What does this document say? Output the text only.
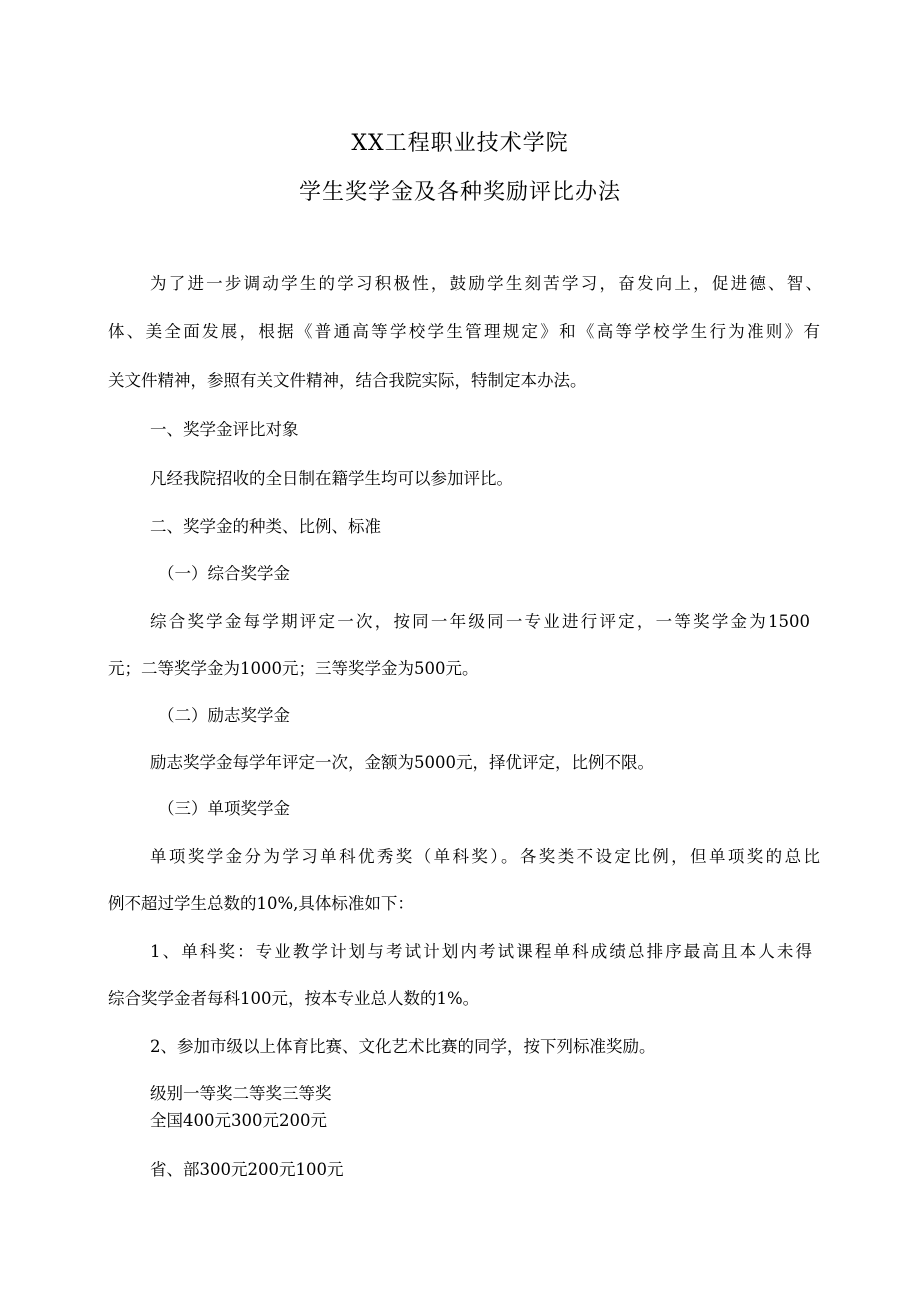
XX工程职业技术学院
学生奖学金及各种奖励评比办法
为了进一步调动学生的学习积极性，鼓励学生刻苦学习，奋发向上，促进德、智、
体、美全面发展，根据《普通高等学校学生管理规定》和《高等学校学生行为准则》有
关文件精神，参照有关文件精神，结合我院实际，特制定本办法。
一、奖学金评比对象
凡经我院招收的全日制在籍学生均可以参加评比。
二、奖学金的种类、比例、标准
（一）综合奖学金
综合奖学金每学期评定一次，按同一年级同一专业进行评定，一等奖学金为1500
元；二等奖学金为1000元；三等奖学金为500元。
（二）励志奖学金
励志奖学金每学年评定一次，金额为5000元，择优评定，比例不限。
（三）单项奖学金
单项奖学金分为学习单科优秀奖（单科奖）。各奖类不设定比例，但单项奖的总比
例不超过学生总数的10%,具体标准如下：
1、单科奖：专业教学计划与考试计划内考试课程单科成绩总排序最高且本人未得
综合奖学金者每科100元，按本专业总人数的1%。
2、参加市级以上体育比赛、文化艺术比赛的同学，按下列标准奖励。
级别一等奖二等奖三等奖
全国400元300元200元
省、部300元200元100元
